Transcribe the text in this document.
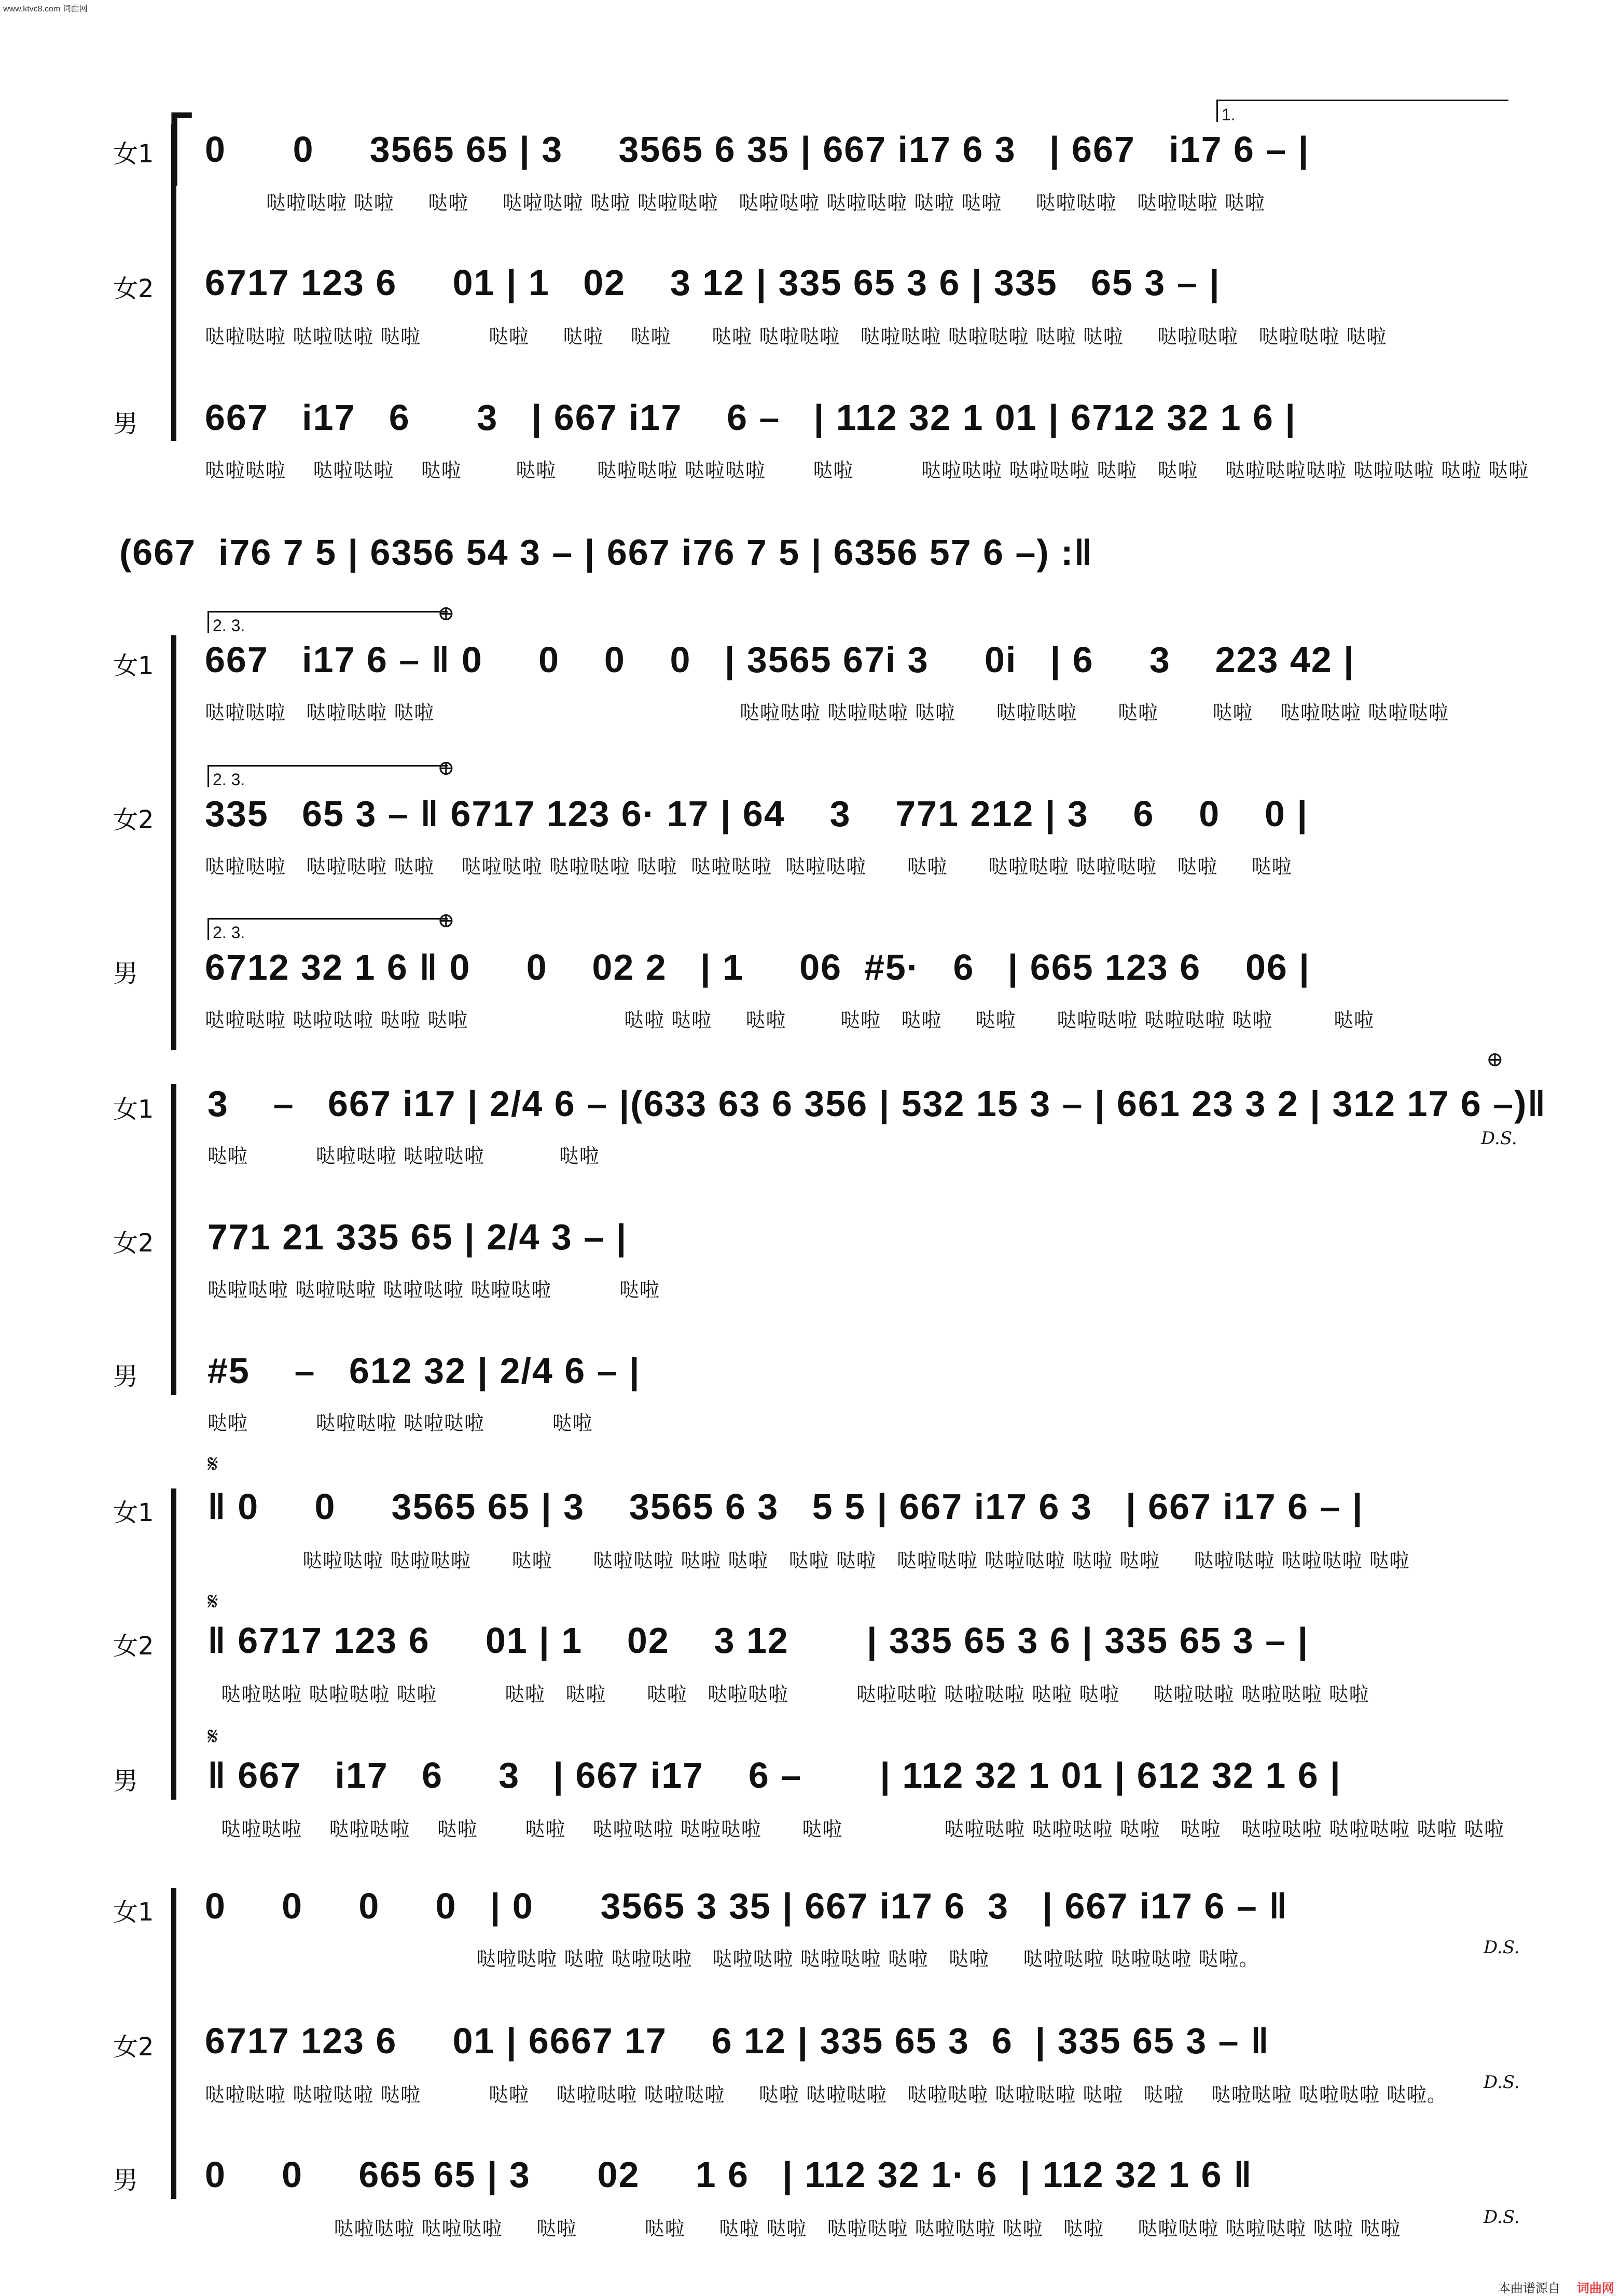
www.ktvc8.com 词曲网
⎡
女1 0      0     3565 65 | 3     3565 6 35 | 667 i17 6 3   | 667   i17 6 – |
哒啦哒啦 哒啦     哒啦     哒啦哒啦 哒啦 哒啦哒啦   哒啦哒啦 哒啦哒啦 哒啦 哒啦     哒啦哒啦   哒啦哒啦 哒啦
1.
女2 6717 123 6     01 | 1   02    3 12 | 335 65 3 6 | 335   65 3 – |
哒啦哒啦 哒啦哒啦 哒啦          哒啦     哒啦    哒啦      哒啦 哒啦哒啦   哒啦哒啦 哒啦哒啦 哒啦 哒啦     哒啦哒啦   哒啦哒啦 哒啦
男 667   i17   6      3   | 667 i17    6 –   | 112 32 1 01 | 6712 32 1 6 |
哒啦哒啦    哒啦哒啦    哒啦        哒啦      哒啦哒啦 哒啦哒啦       哒啦          哒啦哒啦 哒啦哒啦 哒啦   哒啦    哒啦哒啦哒啦 哒啦哒啦 哒啦 哒啦
(667  i76 7 5 | 6356 54 3 – | 667 i76 7 5 | 6356 57 6 –) :‖
女1
2. 3.	⊕
667   i17 6 – ‖ 0     0    0    0   | 3565 67i 3     0i   | 6     3    223 42 |
哒啦哒啦   哒啦哒啦 哒啦                                             哒啦哒啦 哒啦哒啦 哒啦      哒啦哒啦      哒啦        哒啦    哒啦哒啦 哒啦哒啦
女2
2. 3.	⊕
335   65 3 – ‖ 6717 123 6· 17 | 64    3    771 212 | 3    6    0    0 |
哒啦哒啦   哒啦哒啦 哒啦    哒啦哒啦 哒啦哒啦 哒啦  哒啦哒啦  哒啦哒啦      哒啦      哒啦哒啦 哒啦哒啦   哒啦     哒啦
男
2. 3.	⊕
6712 32 1 6 ‖ 0     0    02 2   | 1     06  #5·   6   | 665 123 6    06 |
哒啦哒啦 哒啦哒啦 哒啦 哒啦                       哒啦 哒啦     哒啦        哒啦   哒啦     哒啦      哒啦哒啦 哒啦哒啦 哒啦         哒啦
女1 3    –   667 i17 | 2/4 6 – |(633 63 6 356 | 532 15 3 – | 661 23 3 2 | 312 17 6 –)‖
哒啦          哒啦哒啦 哒啦哒啦           哒啦
⊕
D.S.
女2 771 21 335 65 | 2/4 3 – |
哒啦哒啦 哒啦哒啦 哒啦哒啦 哒啦哒啦          哒啦
男 #5    –   612 32 | 2/4 6 – |
哒啦          哒啦哒啦 哒啦哒啦          哒啦
𝄋
女1 ‖ 0     0     3565 65 | 3    3565 6 3   5 5 | 667 i17 6 3   | 667 i17 6 – |
哒啦哒啦 哒啦哒啦      哒啦      哒啦哒啦 哒啦 哒啦   哒啦 哒啦   哒啦哒啦 哒啦哒啦 哒啦 哒啦     哒啦哒啦 哒啦哒啦 哒啦
𝄋
女2 ‖ 6717 123 6     01 | 1    02    3 12       | 335 65 3 6 | 335 65 3 – |
哒啦哒啦 哒啦哒啦 哒啦          哒啦   哒啦      哒啦   哒啦哒啦          哒啦哒啦 哒啦哒啦 哒啦 哒啦     哒啦哒啦 哒啦哒啦 哒啦
𝄋
男 ‖ 667   i17   6     3   | 667 i17    6 –       | 112 32 1 01 | 612 32 1 6 |
哒啦哒啦    哒啦哒啦    哒啦       哒啦    哒啦哒啦 哒啦哒啦      哒啦               哒啦哒啦 哒啦哒啦 哒啦   哒啦   哒啦哒啦 哒啦哒啦 哒啦 哒啦
女1 0     0     0     0   | 0      3565 3 35 | 667 i17 6  3   | 667 i17 6 – ‖
哒啦哒啦 哒啦 哒啦哒啦   哒啦哒啦 哒啦哒啦 哒啦   哒啦     哒啦哒啦 哒啦哒啦 哒啦。	D.S.
女2 6717 123 6     01 | 6667 17    6 12 | 335 65 3  6  | 335 65 3 – ‖
哒啦哒啦 哒啦哒啦 哒啦          哒啦    哒啦哒啦 哒啦哒啦     哒啦 哒啦哒啦   哒啦哒啦 哒啦哒啦 哒啦   哒啦    哒啦哒啦 哒啦哒啦 哒啦。
D.S.
男 0     0     665 65 | 3      02     1 6   | 112 32 1· 6  | 112 32 1 6 ‖
哒啦哒啦 哒啦哒啦     哒啦          哒啦     哒啦 哒啦   哒啦哒啦 哒啦哒啦 哒啦   哒啦     哒啦哒啦 哒啦哒啦 哒啦 哒啦	D.S.
本曲谱源自 词曲网
